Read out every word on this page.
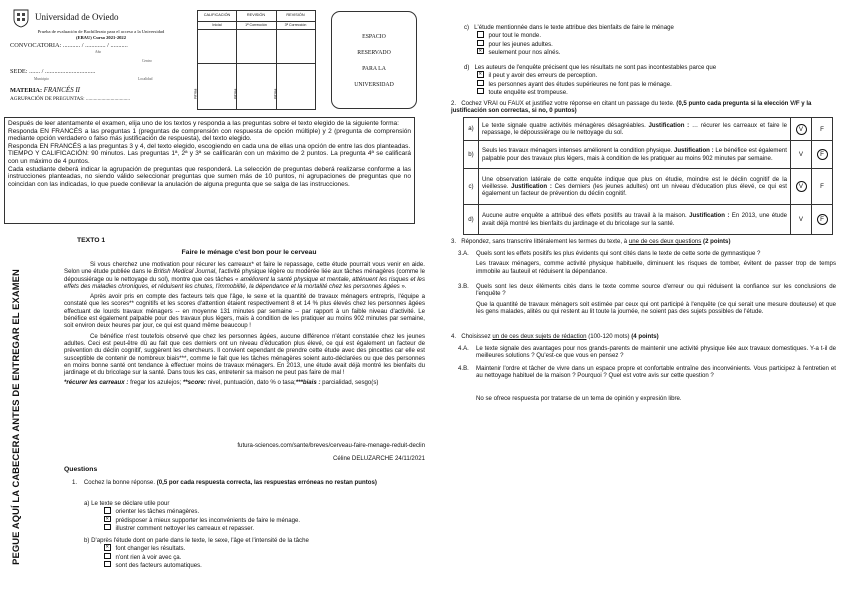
Universidad de Oviedo
Prueba de evaluación de Bachillerato para el acceso a la Universidad
(EBAU) Curso 2021-2022
CONVOCATORIA: ........... / ............. / ...........
Año
Centro
SEDE: ....... / ................................
Municipio	Localidad
MATERIA: FRANCÉS II
AGRUPACIÓN DE PREGUNTAS: ..................................
CALIFICACIÓN	REVISIÓN	REVISIÓN
Inicial	1ª Corrección	3ª Corrección
Firma	Firma	Firma
ESPACIO
RESERVADO
PARA LA
UNIVERSIDAD
Después de leer atentamente el examen, elija uno de los textos y responda a las preguntas sobre el texto elegido de la siguiente forma:
Responda EN FRANCÉS a las preguntas 1 (preguntas de comprensión con respuesta de opción múltiple) y 2 (pregunta de comprensión mediante opción verdadero o falso más justificación de respuesta), del texto elegido.
Responda EN FRANCÉS a las preguntas 3 y 4, del texto elegido, escogiendo en cada una de ellas una opción de entre las dos planteadas.
TIEMPO Y CALIFICACIÓN: 90 minutos. Las preguntas 1ª, 2ª y 3ª se calificarán con un máximo de 2 puntos. La pregunta 4ª se calificará con un máximo de 4 puntos.
Cada estudiante deberá indicar la agrupación de preguntas que responderá. La selección de preguntas deberá realizarse conforme a las instrucciones planteadas, no siendo válido seleccionar preguntas que sumen más de 10 puntos, ni agrupaciones de preguntas que no coincidan con las indicadas, lo que puede conllevar la anulación de alguna pregunta que se salga de las instrucciones.
PEGUE AQUÍ LA CABECERA ANTES DE ENTREGAR EL EXAMEN
TEXTO 1
Faire le ménage c'est bon pour le cerveau

Si vous cherchez une motivation pour récurer les carreaux* et faire le repassage, cette étude pourrait vous venir en aide. Selon une étude publiée dans le British Medical Journal, l'activité physique légère ou modérée liée aux tâches ménagères (comme le dépoussiérage ou le nettoyage du sol), montre que ces tâches « améliorent la santé physique et mentale, atténuent les risques et les effets des maladies chroniques, et réduisent les chutes, l'immobilité, la dépendance et la mortalité chez les personnes âgées ».

Après avoir pris en compte des facteurs tels que l'âge, le sexe et la quantité de travaux ménagers entrepris, l'équipe a constaté que les scores** cognitifs et les scores d'attention étaient respectivement 8 et 14 % plus élevés chez les personnes âgées effectuant de lourds travaux ménagers -- en moyenne 131 minutes par semaine -- par rapport à un faible niveau d'activité. Le bénéfice est également palpable pour des travaux plus légers, mais à condition de les pratiquer au moins 902 minutes par semaine, soit environ deux heures par jour, ce qui est quand même beaucoup !

Ce bénéfice n'est toutefois observé que chez les personnes âgées, aucune différence n'étant constatée chez les jeunes adultes. Ceci est peut-être dû au fait que ces derniers ont un niveau d'éducation plus élevé, ce qui est également un facteur de prévention du déclin cognitif, suggèrent les chercheurs. Il convient cependant de prendre cette étude avec des pincettes car elle est susceptible de contenir de nombreux biais***, comme le fait que les tâches ménagères soient auto-déclarées ou que des personnes en moins bonne santé ont tendance à effectuer moins de travaux ménagers. En 2013, une étude avait déjà montré les bienfaits du jardinage et du bricolage sur la santé. Dans tous les cas, entretenir sa maison ne peut pas faire de mal !

*récurer les carreaux : fregar los azulejos; **score: nivel, puntuación, dato % o tasa;***biais : parcialidad, sesgo(s)

futura-sciences.com/sante/breves/cerveau-faire-menage-reduit-declin
Céline DELUZARCHE 24/11/2021
Questions
1. Cochez la bonne réponse. (0,5 por cada respuesta correcta, las respuestas erróneas no restan puntos)
a) Le texte se déclare utile pour
orienter les tâches ménagères.
✕prédisposer à mieux supporter les inconvénients de faire le ménage.
illustrer comment nettoyer les carreaux et repasser.
b) D'après l'étude dont on parle dans le texte, le sexe, l'âge et l'intensité de la tâche
✕font changer les résultats.
n'ont rien à voir avec ça.
sont des facteurs automatiques.
c) L'étude mentionnée dans le texte attribue des bienfaits de faire le ménage
pour tout le monde.
pour les jeunes adultes.
✕seulement pour nos aînés.
d) Les auteurs de l'enquête précisent que les résultats ne sont pas incontestables parce que
✕il peut y avoir des erreurs de perception.
les personnes ayant des études supérieures ne font pas le ménage.
toute enquête est trompeuse.
2. Cochez VRAI ou FAUX et justifiez votre réponse en citant un passage du texte. (0,5 punto cada pregunta si la elección V/F y la justificación son correctas, si no, 0 puntos)
a)	Le texte signale quatre activités ménagères désagréables. Justification : … récurer les carreaux et faire le repassage, le dépoussiérage ou le nettoyage du sol.	V	F
b)	Seuls les travaux ménagers intenses améliorent la condition physique. Justification : Le bénéfice est également palpable pour des travaux plus légers, mais à condition de les pratiquer au moins 902 minutes par semaine.	V	F
c)	Une observation latérale de cette enquête indique que plus on étudie, moindre est le déclin cognitif de la vieillesse. Justification : Ces derniers (les jeunes adultes) ont un niveau d'éducation plus élevé, ce qui est également un facteur de prévention du déclin cognitif.	V	F
d)	Aucune autre enquête a attribué des effets positifs au travail à la maison. Justification : En 2013, une étude avait déjà montré les bienfaits du jardinage et du bricolage sur la santé.	V	F
3. Répondez, sans transcrire littéralement les termes du texte, à une de ces deux questions (2 points)
3.A.	Quels sont les effets positifs les plus évidents qui sont cités dans le texte de cette sorte de gymnastique ?
Les travaux ménagers, comme activité physique habituelle, diminuent les risques de tomber, évitent de passer trop de temps immobile au fauteuil et réduisent la dépendance.
3.B.	Quels sont les deux éléments cités dans le texte comme source d'erreur ou qui réduisent la confiance sur les conclusions de l'enquête ?
Que la quantité de travaux ménagers soit estimée par ceux qui ont participé à l'enquête (ce qui serait une mesure douteuse) et que les gens malades, alités ou qui restent au lit toute la journée, ne soient pas des sujets possibles de l'étude.
4. Choisissez un de ces deux sujets de rédaction (100-120 mots) (4 points)
4.A.	Le texte signale des avantages pour nos grands-parents de maintenir une activité physique liée aux travaux domestiques. Y-a t-il de meilleures solutions ? Qu'est-ce que vous en pensez ?
4.B.	Maintenir l'ordre et tâcher de vivre dans un espace propre et confortable entraîne des inconvénients. Vous participez à l'entretien et au nettoyage habituel de la maison ? Pourquoi ? Quel est votre avis sur cette question ?
No se ofrece respuesta por tratarse de un tema de opinión y expresión libre.
